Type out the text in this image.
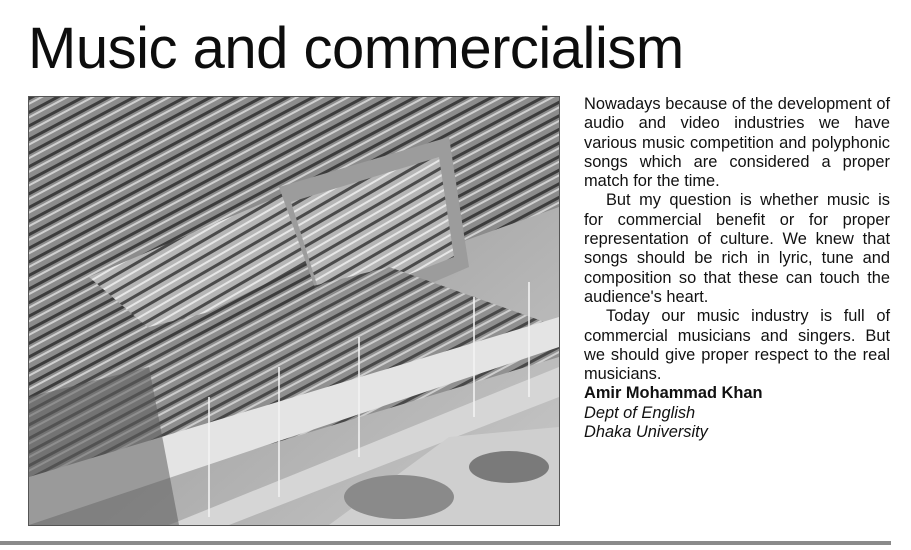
Music and commercialism

Nowadays because of the development of audio and video industries we have various music competition and polyphonic songs which are considered a proper match for the time.

But my question is whether music is for commercial benefit or for proper representation of culture. We knew that songs should be rich in lyric, tune and composition so that these can touch the audience's heart.

Today our music industry is full of commercial musicians and singers. But we should give proper respect to the real musicians.

Amir Mohammad Khan
Dept of English
Dhaka University
